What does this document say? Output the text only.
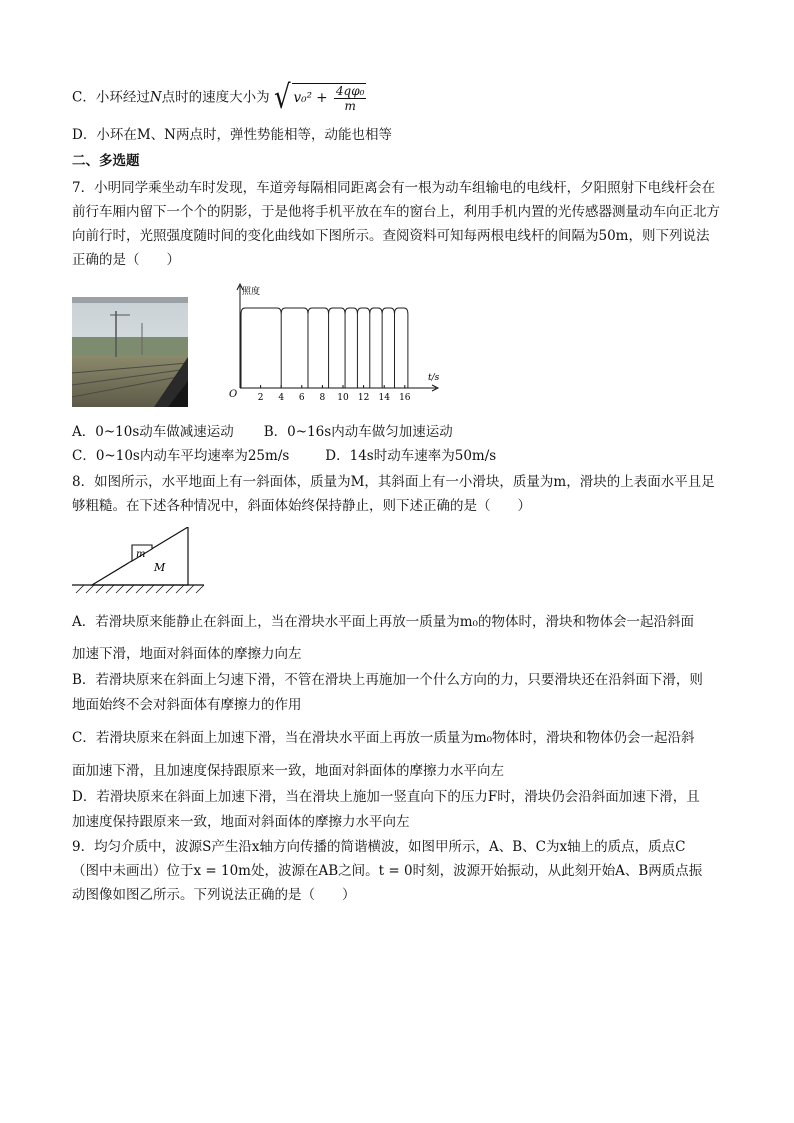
C．小环经过N点时的速度大小为 √ $v_0^2 + \frac{\text{4qφ₀}}{m}$
D．小环在M、N两点时，弹性势能相等，动能也相等
二、多选题
7．小明同学乘坐动车时发现，车道旁每隔相同距离会有一根为动车组输电的电线杆，夕阳照射下电线杆会在前行车厢内留下一个个的阴影，于是他将手机平放在车的窗台上，利用手机内置的光传感器测量动车向正北方向前行时，光照强度随时间的变化曲线如下图所示。查阅资料可知每两根电线杆的间隔为50m，则下列说法正确的是（　　）
2 4 6 8 10 12 14 16
照度
t/s
O
A．0~10s动车做减速运动 B．0~16s内动车做匀加速运动
C．0~10s内动车平均速率为25m/s	D．14s时动车速率为50m/s
8．如图所示，水平地面上有一斜面体，质量为M，其斜面上有一小滑块，质量为m，滑块的上表面水平且足够粗糙。在下述各种情况中，斜面体始终保持静止，则下述正确的是（　　）
m
M
A．若滑块原来能静止在斜面上，当在滑块水平面上再放一质量为m₀的物体时，滑块和物体会一起沿斜面
加速下滑，地面对斜面体的摩擦力向左
B．若滑块原来在斜面上匀速下滑，不管在滑块上再施加一个什么方向的力，只要滑块还在沿斜面下滑，则
地面始终不会对斜面体有摩擦力的作用
C．若滑块原来在斜面上加速下滑，当在滑块水平面上再放一质量为m₀物体时，滑块和物体仍会一起沿斜
面加速下滑，且加速度保持跟原来一致，地面对斜面体的摩擦力水平向左
D．若滑块原来在斜面上加速下滑，当在滑块上施加一竖直向下的压力F时，滑块仍会沿斜面加速下滑，且
加速度保持跟原来一致，地面对斜面体的摩擦力水平向左
9．均匀介质中，波源S产生沿x轴方向传播的简谐横波，如图甲所示，A、B、C为x轴上的质点，质点C
（图中未画出）位于x = 10m处，波源在AB之间。t = 0时刻，波源开始振动，从此刻开始A、B两质点振
动图像如图乙所示。下列说法正确的是（　　）
